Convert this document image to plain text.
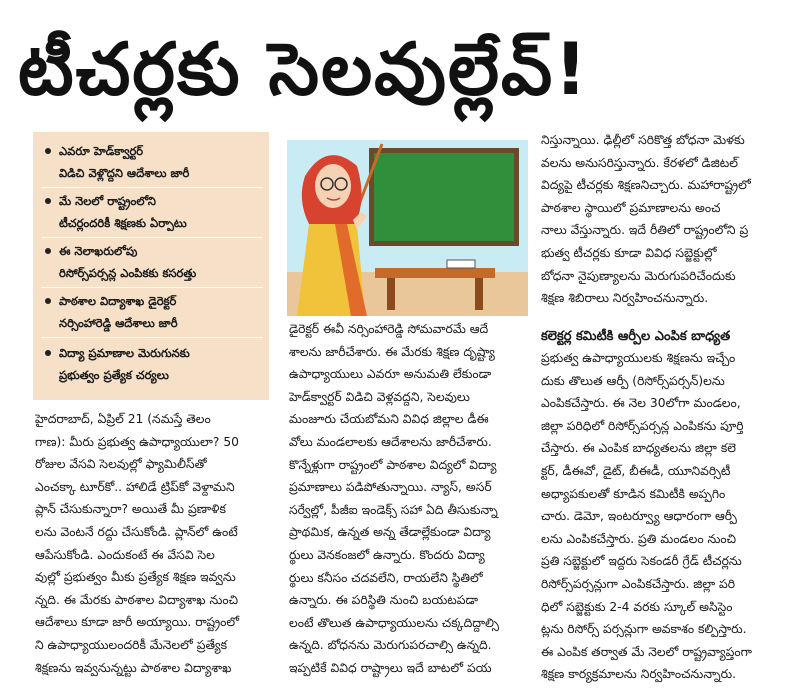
టీచర్లకు సెలవుల్లేవ్!
ఎవరూ హెడ్‌క్వార్టర్
విడిచి వెళ్లొద్దని ఆదేశాలు జారీ
మే నెలలో రాష్ట్రంలోని
టీచర్లందరికీ శిక్షణకు ఏర్పాటు
ఈ నెలాఖరులోపు
రిసోర్స్‌పర్సన్ల ఎంపికకు కసరత్తు
పాఠశాల విద్యాశాఖ డైరెక్టర్
నర్సింహారెడ్డి ఆదేశాలు జారీ
విద్యా ప్రమాణాల మెరుగునకు
ప్రభుత్వం ప్రత్యేక చర్యలు
హైదరాబాద్, ఏప్రిల్ 21 (నమస్తే తెలం
గాణ): మీరు ప్రభుత్వ ఉపాధ్యాయులా? 50
రోజుల వేసవి సెలవుల్లో ఫ్యామిలీస్‌తో
ఎంచక్కా టూర్‌కో.. హాలిడే ట్రిప్‌కో వెళ్దామని
ప్లాన్ చేసుకున్నారా? అయితే మీ ప్రణాళిక
లను వెంటనే రద్దు చేసుకోండి. ప్లాన్‌లో ఉంటే
ఆపేసుకోండి. ఎందుకంటే ఈ వేసవి సెల
వుల్లో ప్రభుత్వం మీకు ప్రత్యేక శిక్షణ ఇవ్వను
న్నది. ఈ మేరకు పాఠశాల విద్యాశాఖ నుంచి
ఆదేశాలు కూడా జారీ అయ్యాయి. రాష్ట్రంలో
ని ఉపాధ్యాయులందరికీ మేనెలలో ప్రత్యేక
శిక్షణను ఇవ్వనున్నట్టు పాఠశాల విద్యాశాఖ
డైరెక్టర్ ఈవీ నర్సింహారెడ్డి సోమవారమే ఆదే
శాలను జారీచేశారు. ఈ మేరకు శిక్షణ దృష్ట్యా
ఉపాధ్యాయులు ఎవరూ అనుమతి లేకుండా
హెడ్‌క్వార్టర్ విడిచి వెళ్లవద్దని, సెలవులు
మంజూరు చేయబోమని వివిధ జిల్లాల డీఈ
వోలు మండలాలకు ఆదేశాలను జారీచేశారు.
కొన్నేళ్లుగా రాష్ట్రంలో పాఠశాల విద్యలో విద్యా
ప్రమాణాలు పడిపోతున్నాయి. న్యాస్, అసర్
సర్వేల్లో, పీజీఐ ఇండెక్స్ సహా ఏది తీసుకున్నా
ప్రాథమిక, ఉన్నత అన్న తేడాల్లేకుండా విద్యా
ర్థులు వెనకంజలో ఉన్నారు. కొందరు విద్యా
ర్థులు కనీసం చదవలేని, రాయలేని స్థితిలో
ఉన్నారు. ఈ పరిస్థితి నుంచి బయటపడా
లంటే తొలుత ఉపాధ్యాయులను చక్కదిద్దాల్సి
ఉన్నది. బోధనను మెరుగుపరచాల్సి ఉన్నది.
ఇప్పటికే వివిధ రాష్ట్రాలు ఇదే బాటలో పయ
నిస్తున్నాయి. ఢిల్లీలో సరికొత్త బోధనా మెళకు
వలను అనుసరిస్తున్నారు. కేరళలో డిజిటల్
విద్యపై టీచర్లకు శిక్షణనిచ్చారు. మహారాష్ట్రలో
పాఠశాల స్థాయిలో ప్రమాణాలను అంచ
నాలు వేస్తున్నారు. ఇదే రీతిలో రాష్ట్రంలోని ప్ర
భుత్వ టీచర్లకు కూడా వివిధ సబ్జెక్టుల్లో
బోధనా నైపుణ్యాలను మెరుగుపరిచేందుకు
శిక్షణ శిబిరాలు నిర్వహించనున్నారు.
కలెక్టర్ల కమిటీకి ఆర్పీల ఎంపిక బాధ్యత
ప్రభుత్వ ఉపాధ్యాయులకు శిక్షణను ఇచ్చేం
దుకు తొలుత ఆర్పీ (రిసోర్స్‌పర్సన్)లను
ఎంపికచేస్తారు. ఈ నెల 30లోగా మండలం,
జిల్లా పరిధిలో రిసోర్స్‌పర్సన్ల ఎంపికను పూర్తి
చేస్తారు. ఈ ఎంపిక బాధ్యతలను జిల్లా కలె
క్టర్, డీఈవో, డైట్, బీఈడీ, యూనివర్సిటీ
అధ్యాపకులతో కూడిన కమిటీకి అప్పగిం
చారు. డెమో, ఇంటర్వ్యూ ఆధారంగా ఆర్పీ
లను ఎంపికచేస్తారు. ప్రతి మండలం నుంచి
ప్రతి సబ్జెక్టులో ఇద్దరు సెకండరీ గ్రేడ్ టీచర్లను
రిసోర్స్‌పర్సన్లుగా ఎంపికచేస్తారు. జిల్లా పరి
ధిలో సబ్జెక్టుకు 2-4 వరకు స్కూల్ అసిస్టెం
ట్లను రిసోర్స్ పర్సన్లుగా అవకాశం కల్పిస్తారు.
ఈ ఎంపిక తర్వాత మే నెలలో రాష్ట్రవ్యాప్తంగా
శిక్షణ కార్యక్రమాలను నిర్వహించనున్నారు.
